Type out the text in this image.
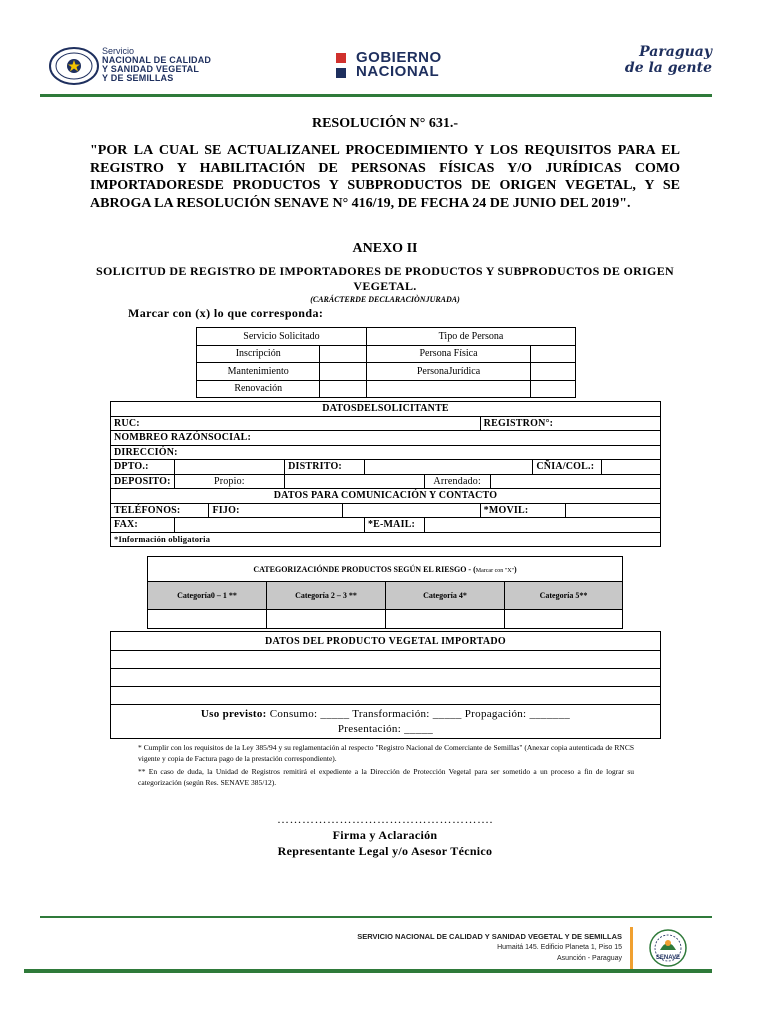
Servicio
NACIONAL DE CALIDAD
Y SANIDAD VEGETAL
Y DE SEMILLAS
GOBIERNO
NACIONAL
Paraguay
de la gente
RESOLUCIÓN N° 631.-
"POR LA CUAL SE ACTUALIZANEL PROCEDIMIENTO Y LOS REQUISITOS PARA EL REGISTRO Y HABILITACIÓN DE PERSONAS FÍSICAS Y/O JURÍDICAS COMO IMPORTADORESDE PRODUCTOS Y SUBPRODUCTOS DE ORIGEN VEGETAL, Y SE ABROGA LA RESOLUCIÓN SENAVE N° 416/19, DE FECHA 24 DE JUNIO DEL 2019".
ANEXO II
SOLICITUD DE REGISTRO DE IMPORTADORES DE PRODUCTOS Y SUBPRODUCTOS DE ORIGEN VEGETAL.
(CARÁCTERDE DECLARACIÒNJURADA)
Marcar con (x) lo que corresponda:
Servicio Solicitado		Tipo de Persona	
Inscripción		Persona Física	
Mantenimiento		PersonaJurídica	
Renovación			
DATOSDELSOLICITANTE											
RUC:							REGISTRON°:				
NOMBREO RAZÓNSOCIAL:											
DIRECCIÓN:											
DPTO.:			DISTRITO:						CÑIA/COL.:		
DEPOSITO:	Propio:					Arrendado:					
DATOS PARA COMUNICACIÓN Y CONTACTO											
TELÉFONOS:		FIJO:					*MOVIL:				
FAX:					*E-MAIL:						
*Información obligatoria											
CATEGORIZACIÓNDE PRODUCTOS SEGÚN EL RIESGO - (Marcar con "X")			
Categoría0 – 1 **	Categoría 2 – 3 **	Categoría 4*	Categoría 5**

DATOS DEL PRODUCTO VEGETAL IMPORTADO

Uso previsto: Consumo: _____ Transformación: _____ Propagación: _______
Presentación: _____

* Cumplir con los requisitos de la Ley 385/94 y su reglamentación al respecto "Registro Nacional de Comerciante de Semillas" (Anexar copia autenticada de RNCS vigente y copia de Factura pago de la prestación correspondiente).

** En caso de duda, la Unidad de Registros remitirá el expediente a la Dirección de Protección Vegetal para ser sometido a un proceso a fin de lograr su categorización (según Res. SENAVE 385/12).

…………………………………………….
Firma y Aclaración
Representante Legal y/o Asesor Técnico
SERVICIO NACIONAL DE CALIDAD Y SANIDAD VEGETAL Y DE SEMILLAS
Humaitá 145. Edificio Planeta 1, Piso 15
Asunción - Paraguay	SENAVE
